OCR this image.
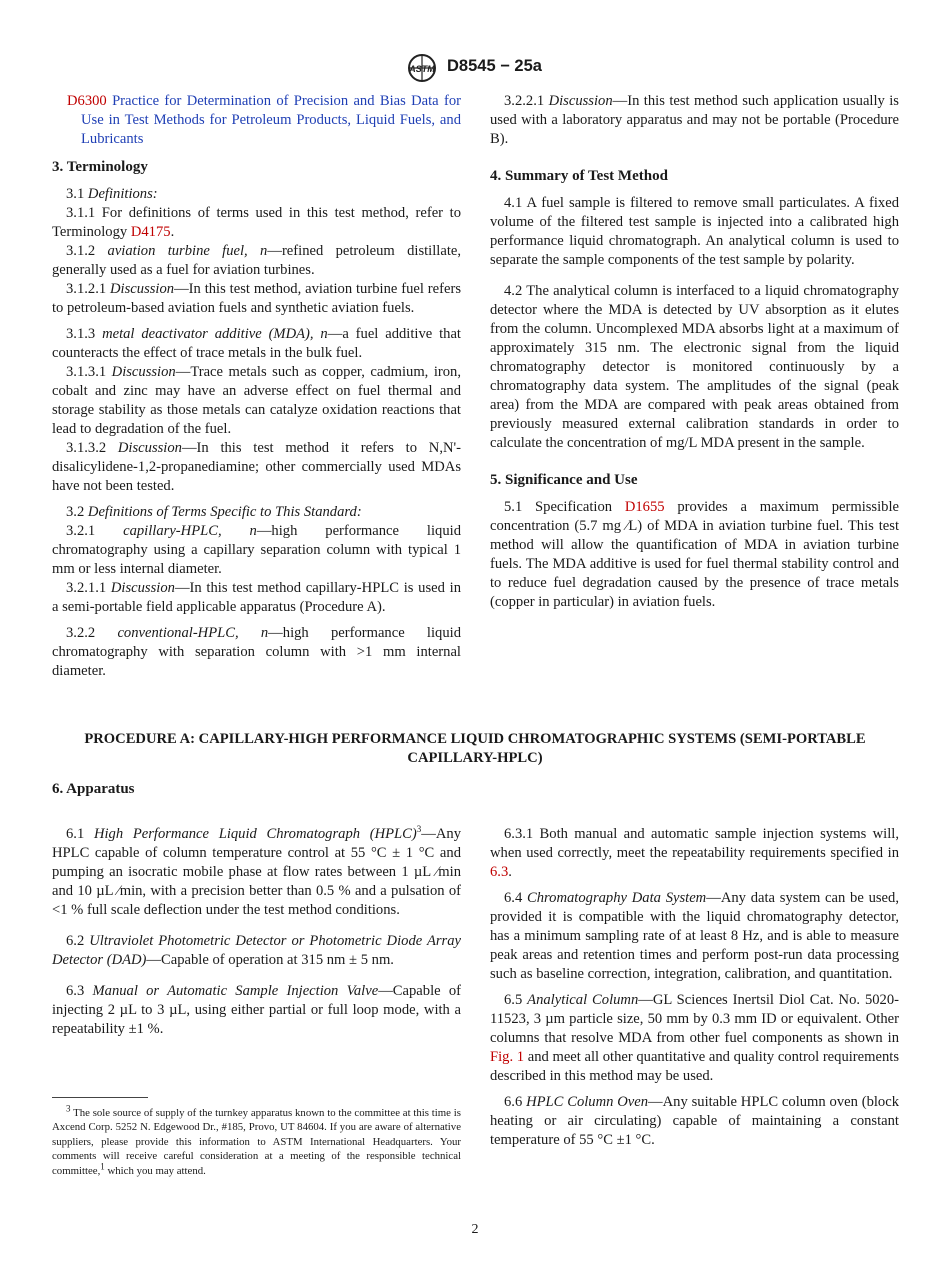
ASTM D8545 − 25a

D6300 Practice for Determination of Precision and Bias Data for Use in Test Methods for Petroleum Products, Liquid Fuels, and Lubricants

3. Terminology

3.1 Definitions:

3.1.1 For definitions of terms used in this test method, refer to Terminology D4175.

3.1.2 aviation turbine fuel, n—refined petroleum distillate, generally used as a fuel for aviation turbines.

3.1.2.1 Discussion—In this test method, aviation turbine fuel refers to petroleum-based aviation fuels and synthetic aviation fuels.

3.1.3 metal deactivator additive (MDA), n—a fuel additive that counteracts the effect of trace metals in the bulk fuel.

3.1.3.1 Discussion—Trace metals such as copper, cadmium, iron, cobalt and zinc may have an adverse effect on fuel thermal and storage stability as those metals can catalyze oxidation reactions that lead to degradation of the fuel.

3.1.3.2 Discussion—In this test method it refers to N,N'-disalicylidene-1,2-propanediamine; other commercially used MDAs have not been tested.

3.2 Definitions of Terms Specific to This Standard:

3.2.1 capillary-HPLC, n—high performance liquid chromatography using a capillary separation column with typical 1 mm or less internal diameter.

3.2.1.1 Discussion—In this test method capillary-HPLC is used in a semi-portable field applicable apparatus (Procedure A).

3.2.2 conventional-HPLC, n—high performance liquid chromatography with separation column with >1 mm internal diameter.

3.2.2.1 Discussion—In this test method such application usually is used with a laboratory apparatus and may not be portable (Procedure B).

4. Summary of Test Method

4.1 A fuel sample is filtered to remove small particulates. A fixed volume of the filtered test sample is injected into a calibrated high performance liquid chromatograph. An analytical column is used to separate the sample components of the test sample by polarity.

4.2 The analytical column is interfaced to a liquid chromatography detector where the MDA is detected by UV absorption as it elutes from the column. Uncomplexed MDA absorbs light at a maximum of approximately 315 nm. The electronic signal from the liquid chromatography detector is monitored continuously by a chromatography data system. The amplitudes of the signal (peak area) from the MDA are compared with peak areas obtained from previously measured external calibration standards in order to calculate the concentration of mg/L MDA present in the sample.

5. Significance and Use

5.1 Specification D1655 provides a maximum permissible concentration (5.7 mg ⁄L) of MDA in aviation turbine fuel. This test method will allow the quantification of MDA in aviation turbine fuels. The MDA additive is used for fuel thermal stability control and to reduce fuel degradation caused by the presence of trace metals (copper in particular) in aviation fuels.

PROCEDURE A: CAPILLARY-HIGH PERFORMANCE LIQUID CHROMATOGRAPHIC SYSTEMS (SEMI-PORTABLE CAPILLARY-HPLC)
6. Apparatus

6.1 High Performance Liquid Chromatograph (HPLC)$^3$—Any HPLC capable of column temperature control at 55 °C ± 1 °C and pumping an isocratic mobile phase at flow rates between 1 µL ⁄min and 10 µL ⁄min, with a precision better than 0.5 % and a pulsation of <1 % full scale deflection under the test method conditions.

6.2 Ultraviolet Photometric Detector or Photometric Diode Array Detector (DAD)—Capable of operation at 315 nm ± 5 nm.

6.3 Manual or Automatic Sample Injection Valve—Capable of injecting 2 µL to 3 µL, using either partial or full loop mode, with a repeatability ±1 %.

$^3$ The sole source of supply of the turnkey apparatus known to the committee at this time is Axcend Corp. 5252 N. Edgewood Dr., #185, Provo, UT 84604. If you are aware of alternative suppliers, please provide this information to ASTM International Headquarters. Your comments will receive careful consideration at a meeting of the responsible technical committee,$^1$ which you may attend.

6.3.1 Both manual and automatic sample injection systems will, when used correctly, meet the repeatability requirements specified in 6.3.

6.4 Chromatography Data System—Any data system can be used, provided it is compatible with the liquid chromatography detector, has a minimum sampling rate of at least 8 Hz, and is able to measure peak areas and retention times and perform post-run data processing such as baseline correction, integration, calibration, and quantitation.

6.5 Analytical Column—GL Sciences Inertsil Diol Cat. No. 5020-11523, 3 µm particle size, 50 mm by 0.3 mm ID or equivalent. Other columns that resolve MDA from other fuel components as shown in Fig. 1 and meet all other quantitative and quality control requirements described in this method may be used.

6.6 HPLC Column Oven—Any suitable HPLC column oven (block heating or air circulating) capable of maintaining a constant temperature of 55 °C ±1 °C.

2
